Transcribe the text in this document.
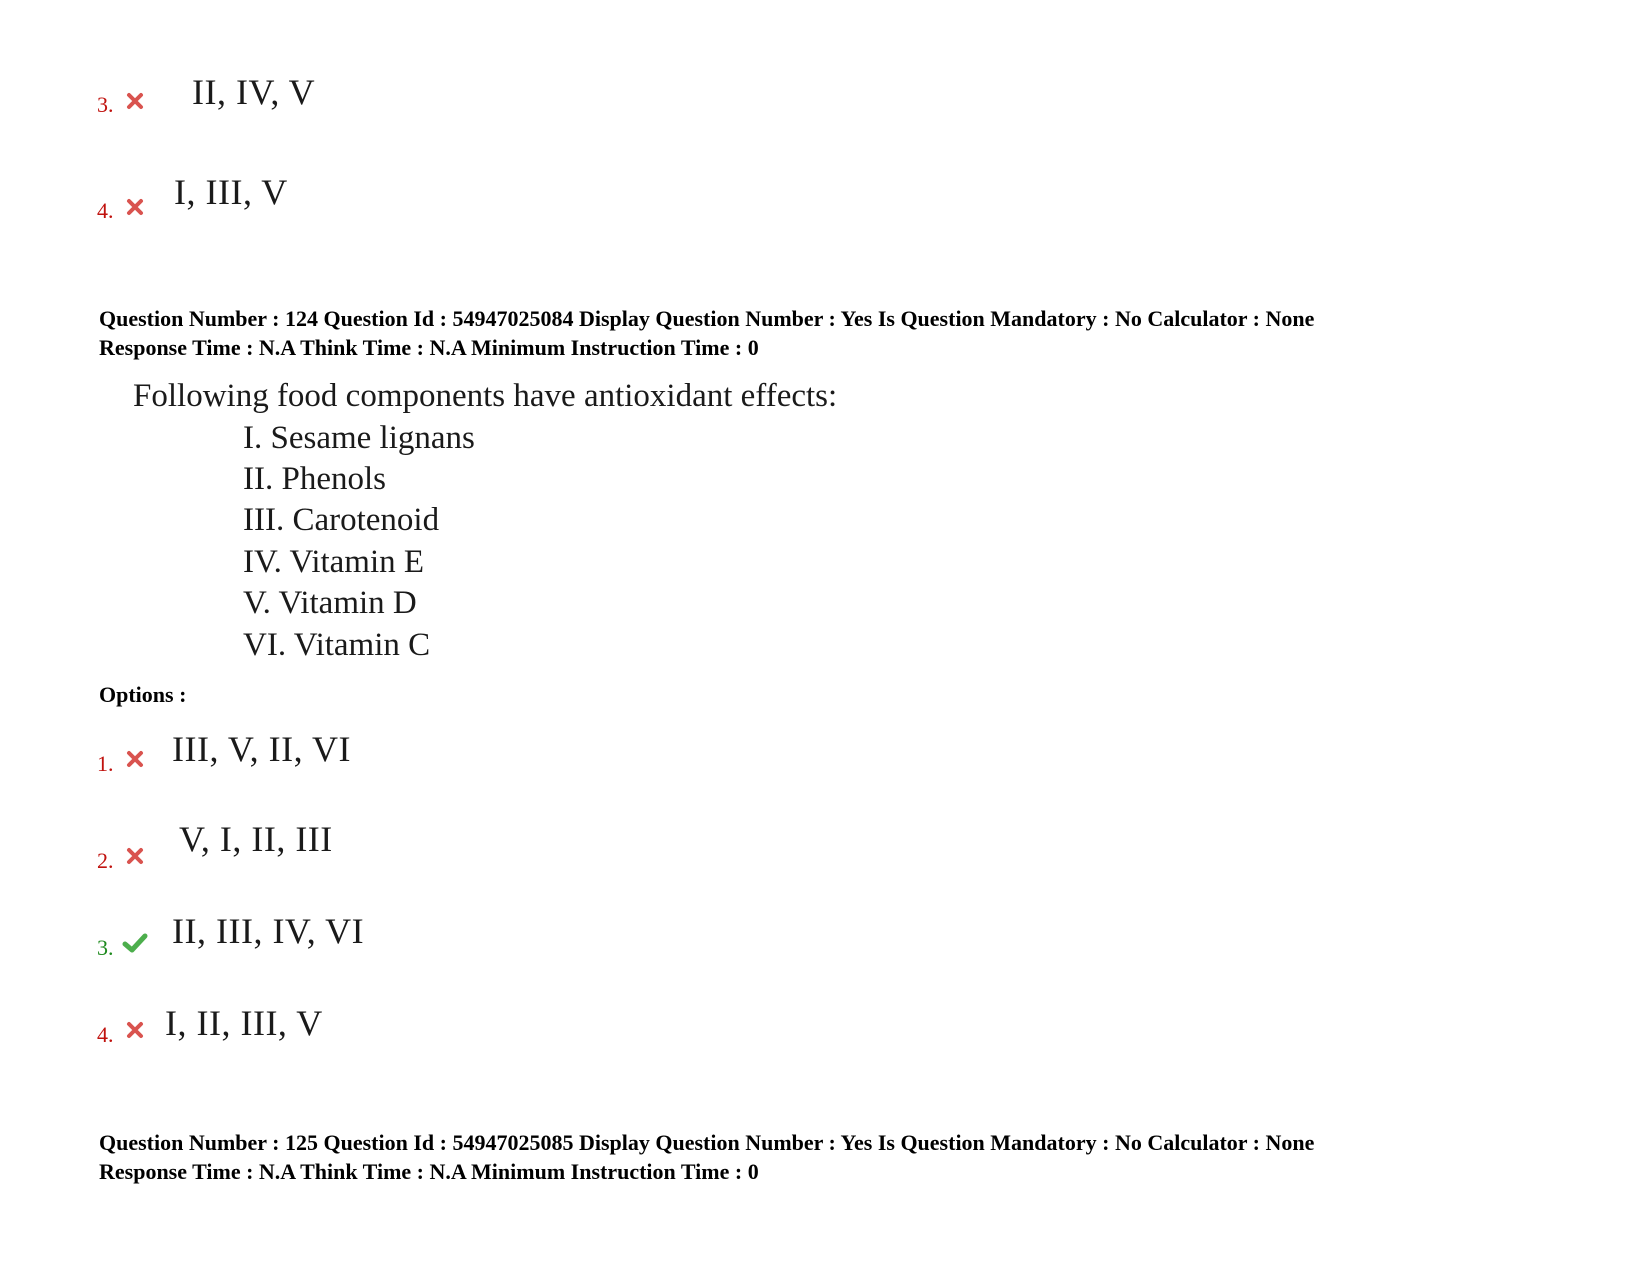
3. II, IV, V
4. I, III, V
Question Number : 124 Question Id : 54947025084 Display Question Number : Yes Is Question Mandatory : No Calculator : None
Response Time : N.A Think Time : N.A Minimum Instruction Time : 0
Following food components have antioxidant effects:
I. Sesame lignans
II. Phenols
III. Carotenoid
IV. Vitamin E
V. Vitamin D
VI. Vitamin C
Options :
1. III, V, II, VI
2.
V, I, II, III
3. II, III, IV, VI
4. I, II, III, V
Question Number : 125 Question Id : 54947025085 Display Question Number : Yes Is Question Mandatory : No Calculator : None
Response Time : N.A Think Time : N.A Minimum Instruction Time : 0
